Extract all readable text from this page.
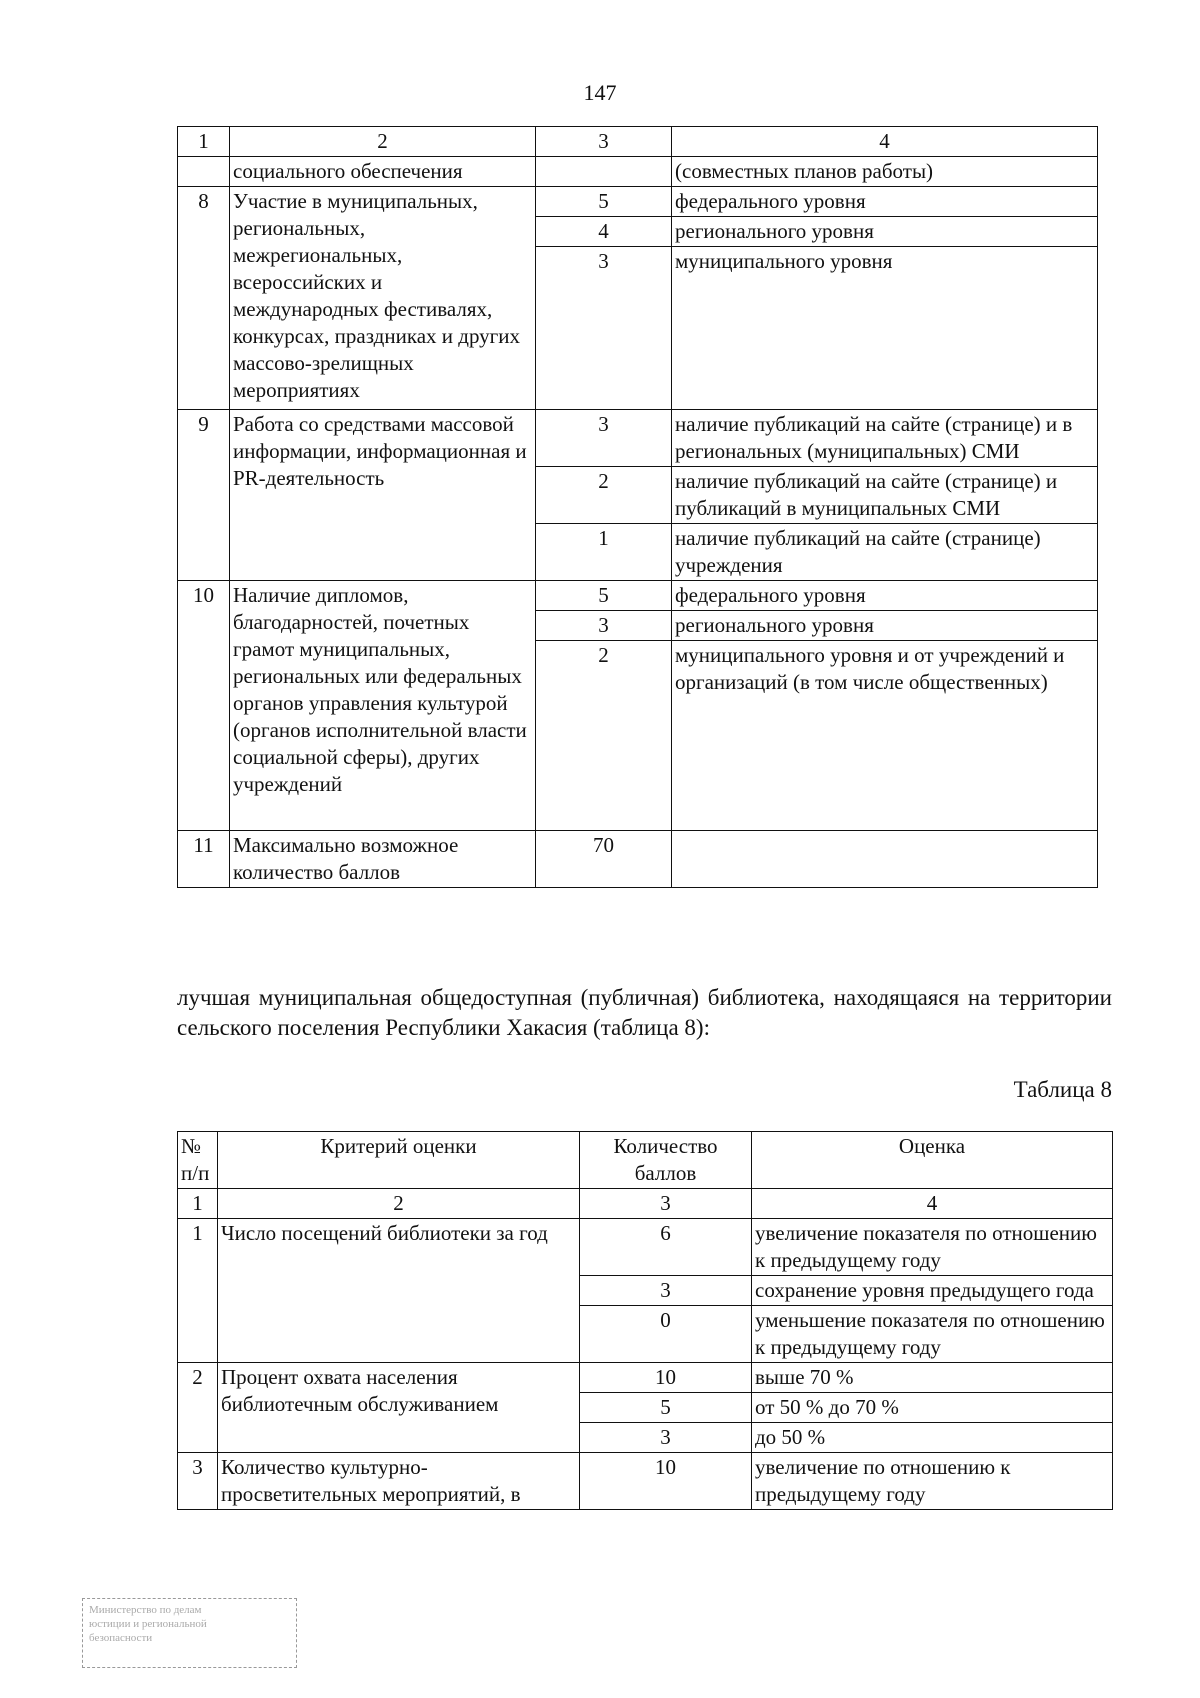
147
1	2	3	4
	социального обеспечения		(совместных планов работы)
8	Участие в муниципальных, региональных, межрегиональных, всероссийских и международных фестивалях, конкурсах, праздниках и других массово-зрелищных мероприятиях	5	федерального уровня
		4	регионального уровня
		3	муниципального уровня
9	Работа со средствами массовой информации, информационная и PR-деятельность	3	наличие публикаций на сайте (странице) и в региональных (муниципальных) СМИ
		2	наличие публикаций на сайте (странице) и публикаций в муниципальных СМИ
		1	наличие публикаций на сайте (странице) учреждения
10	Наличие дипломов, благодарностей, почетных грамот муниципальных, региональных или федеральных органов управления культурой (органов исполнительной власти социальной сферы), других учреждений	5	федерального уровня
		3	регионального уровня
		2	муниципального уровня и от учреждений и организаций (в том числе общественных)
11	Максимально возможное количество баллов	70	
лучшая муниципальная общедоступная (публичная) библиотека, находящаяся на территории сельского поселения Республики Хакасия (таблица 8):
Таблица 8
№ п/п	Критерий оценки	Количество баллов	Оценка
1	2	3	4
1	Число посещений библиотеки за год	6	увеличение показателя по отношению к предыдущему году
		3	сохранение уровня предыдущего года
		0	уменьшение показателя по отношению к предыдущему году
2	Процент охвата населения библиотечным обслуживанием	10	выше 70 %
		5	от 50 % до 70 %
		3	до 50 %
3	Количество культурно-просветительных мероприятий, в	10	увеличение по отношению к предыдущему году
Министерство по делам
юстиции и региональной
безопасности
